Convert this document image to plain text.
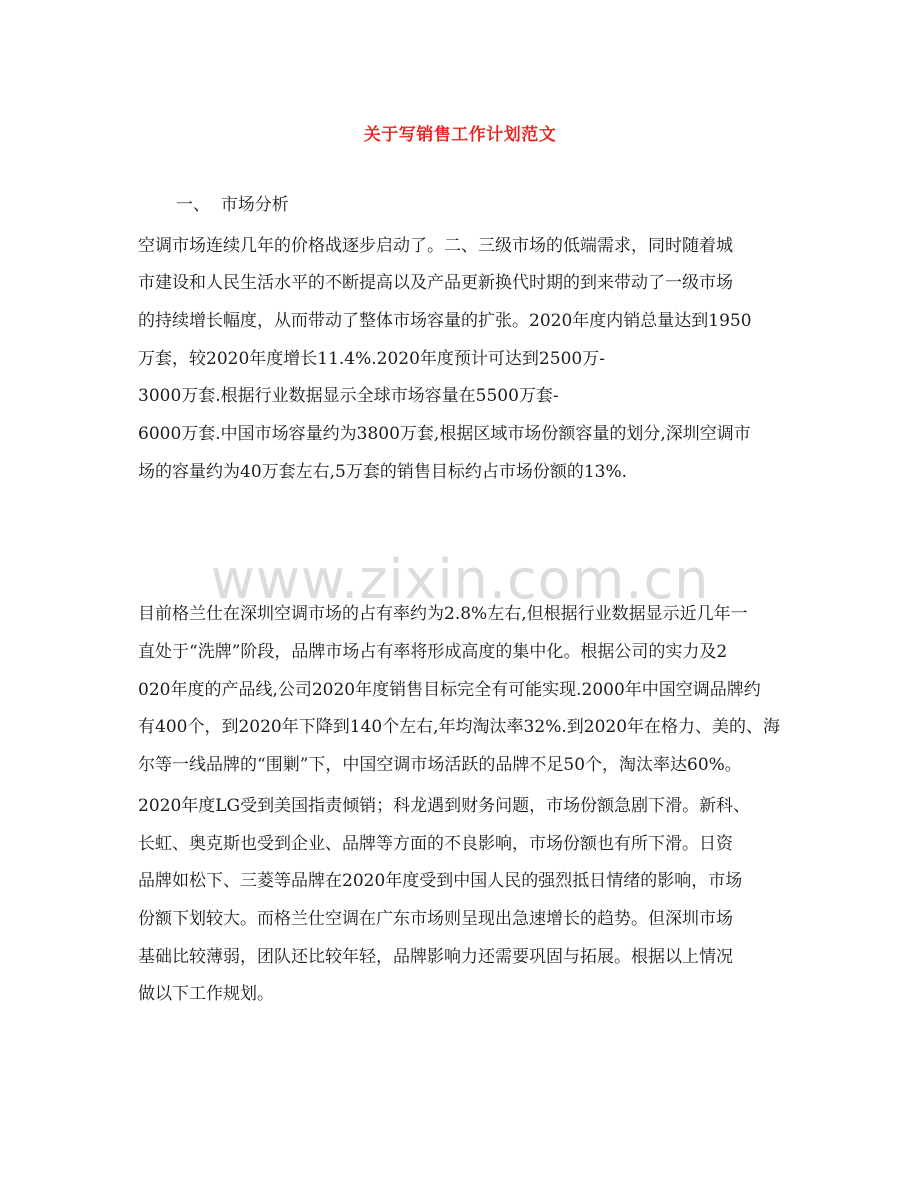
关于写销售工作计划范文
一、  市场分析
空调市场连续几年的价格战逐步启动了。二、三级市场的低端需求，同时随着城
市建设和人民生活水平的不断提高以及产品更新换代时期的到来带动了一级市场
的持续增长幅度，从而带动了整体市场容量的扩张。2020年度内销总量达到1950
万套，较2020年度增长11.4%.2020年度预计可达到2500万-
3000万套.根据行业数据显示全球市场容量在5500万套-
6000万套.中国市场容量约为3800万套,根据区域市场份额容量的划分,深圳空调市
场的容量约为40万套左右,5万套的销售目标约占市场份额的13%.
www.zixin.com.cn
目前格兰仕在深圳空调市场的占有率约为2.8%左右,但根据行业数据显示近几年一
直处于“洗牌”阶段，品牌市场占有率将形成高度的集中化。根据公司的实力及2
020年度的产品线,公司2020年度销售目标完全有可能实现.2000年中国空调品牌约
有400个，到2020年下降到140个左右,年均淘汰率32%.到2020年在格力、美的、海
尔等一线品牌的“围剿”下，中国空调市场活跃的品牌不足50个，淘汰率达60%。
2020年度LG受到美国指责倾销；科龙遇到财务问题，市场份额急剧下滑。新科、
长虹、奥克斯也受到企业、品牌等方面的不良影响，市场份额也有所下滑。日资
品牌如松下、三菱等品牌在2020年度受到中国人民的强烈抵日情绪的影响，市场
份额下划较大。而格兰仕空调在广东市场则呈现出急速增长的趋势。但深圳市场
基础比较薄弱，团队还比较年轻，品牌影响力还需要巩固与拓展。根据以上情况
做以下工作规划。
